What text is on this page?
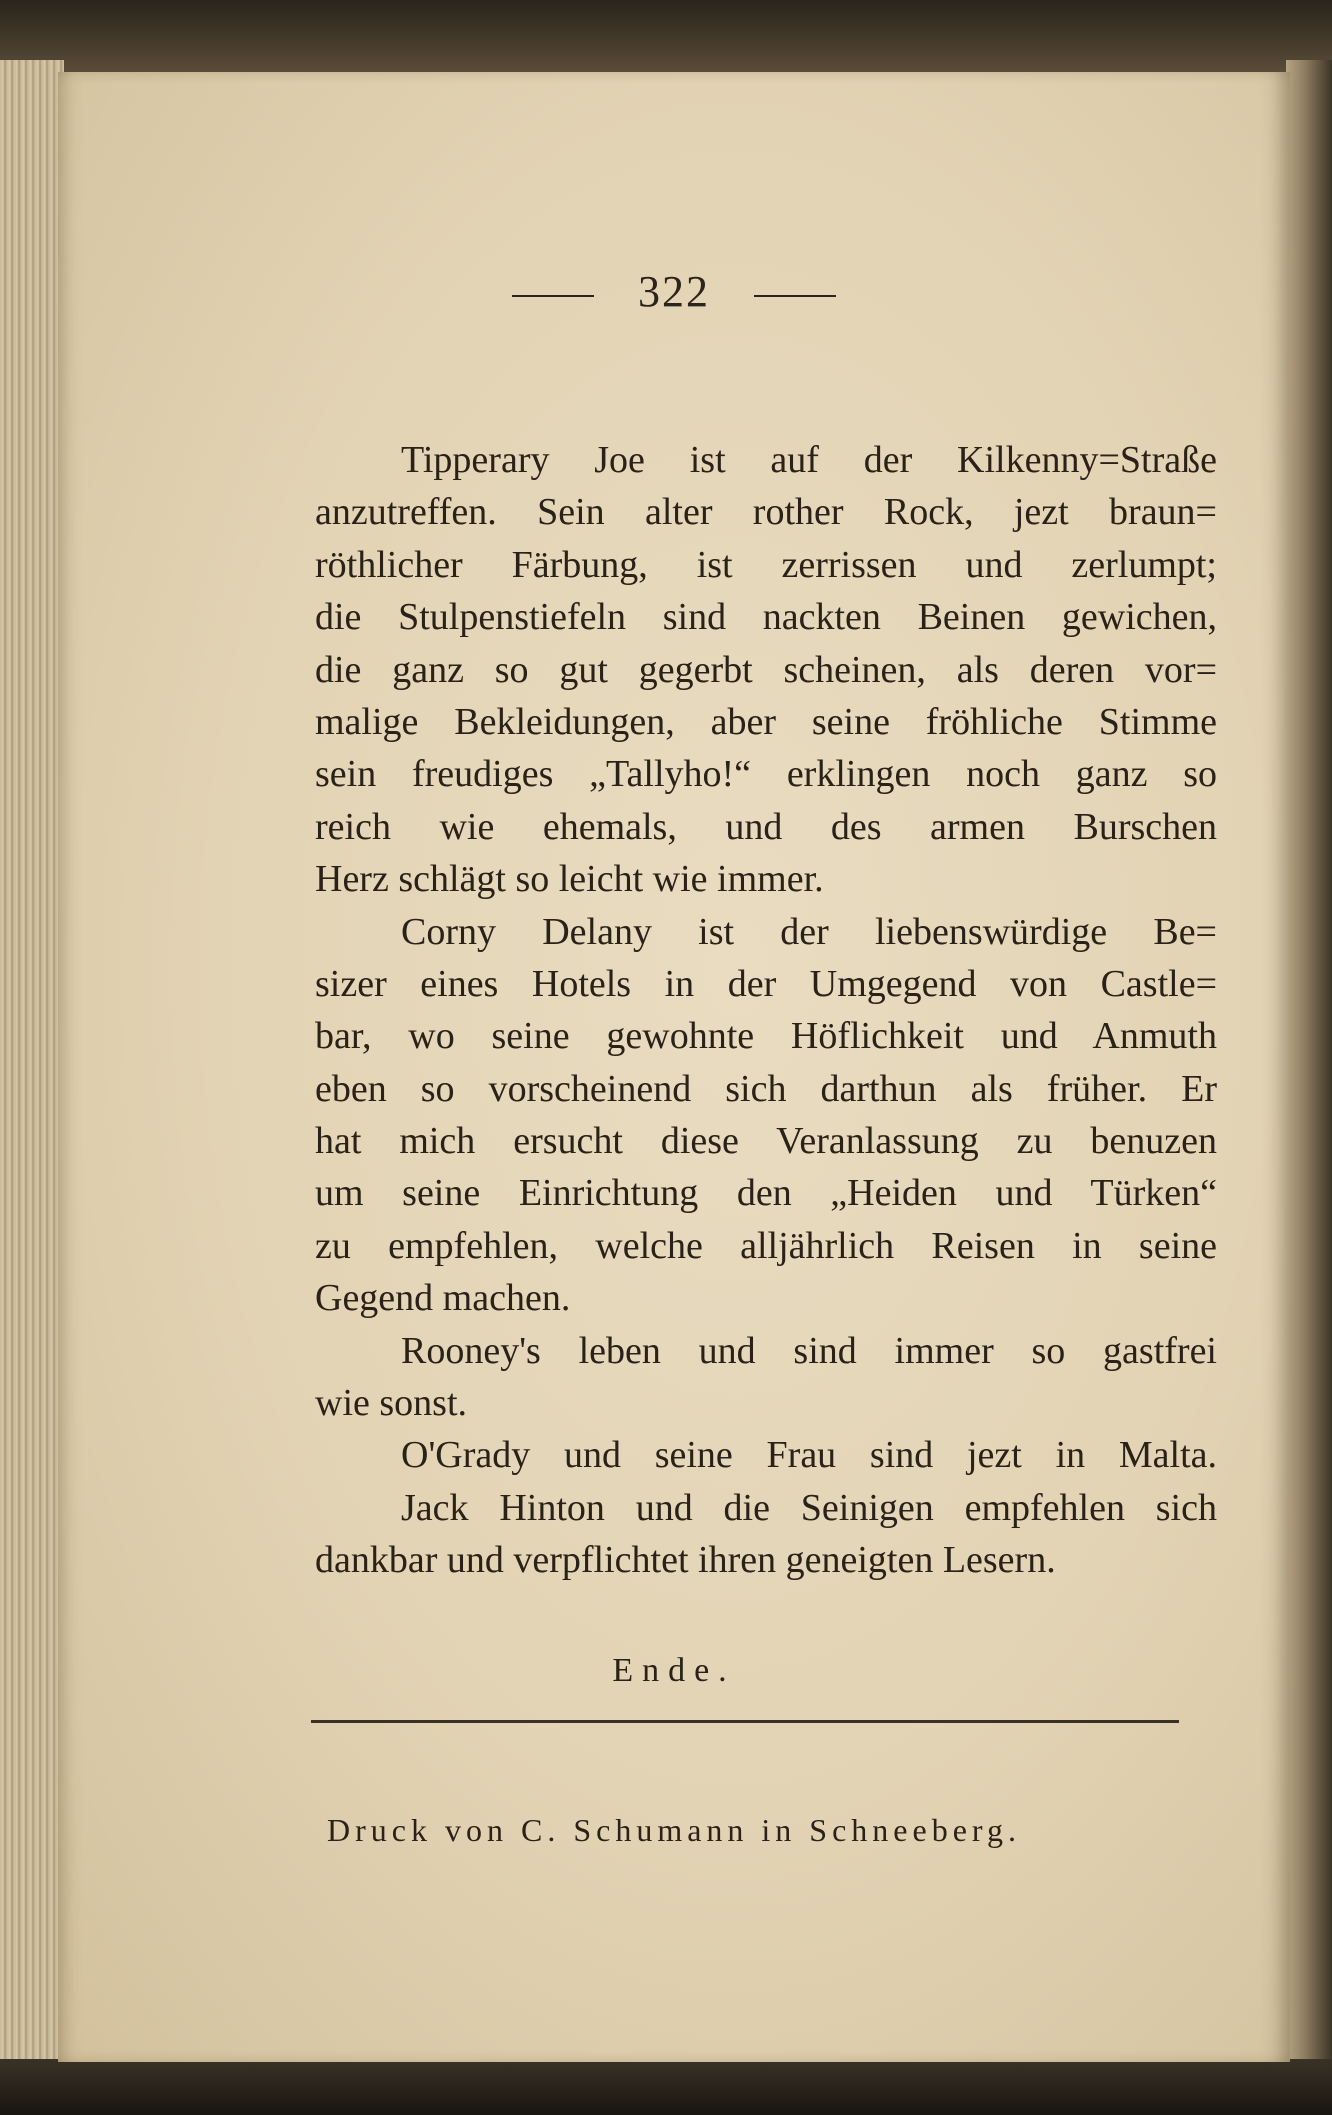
322
Tipperary Joe ist auf der Kilkenny=Straße
anzutreffen. Sein alter rother Rock, jezt braun=
röthlicher Färbung, ist zerrissen und zerlumpt;
die Stulpenstiefeln sind nackten Beinen gewichen,
die ganz so gut gegerbt scheinen, als deren vor=
malige Bekleidungen, aber seine fröhliche Stimme
sein freudiges „Tallyho!“ erklingen noch ganz so
reich wie ehemals, und des armen Burschen
Herz schlägt so leicht wie immer.
Corny Delany ist der liebenswürdige Be=
sizer eines Hotels in der Umgegend von Castle=
bar, wo seine gewohnte Höflichkeit und Anmuth
eben so vorscheinend sich darthun als früher. Er
hat mich ersucht diese Veranlassung zu benuzen
um seine Einrichtung den „Heiden und Türken“
zu empfehlen, welche alljährlich Reisen in seine
Gegend machen.
Rooney's leben und sind immer so gastfrei
wie sonst.
O'Grady und seine Frau sind jezt in Malta.
Jack Hinton und die Seinigen empfehlen sich
dankbar und verpflichtet ihren geneigten Lesern.
Ende.
Druck von C. Schumann in Schneeberg.
